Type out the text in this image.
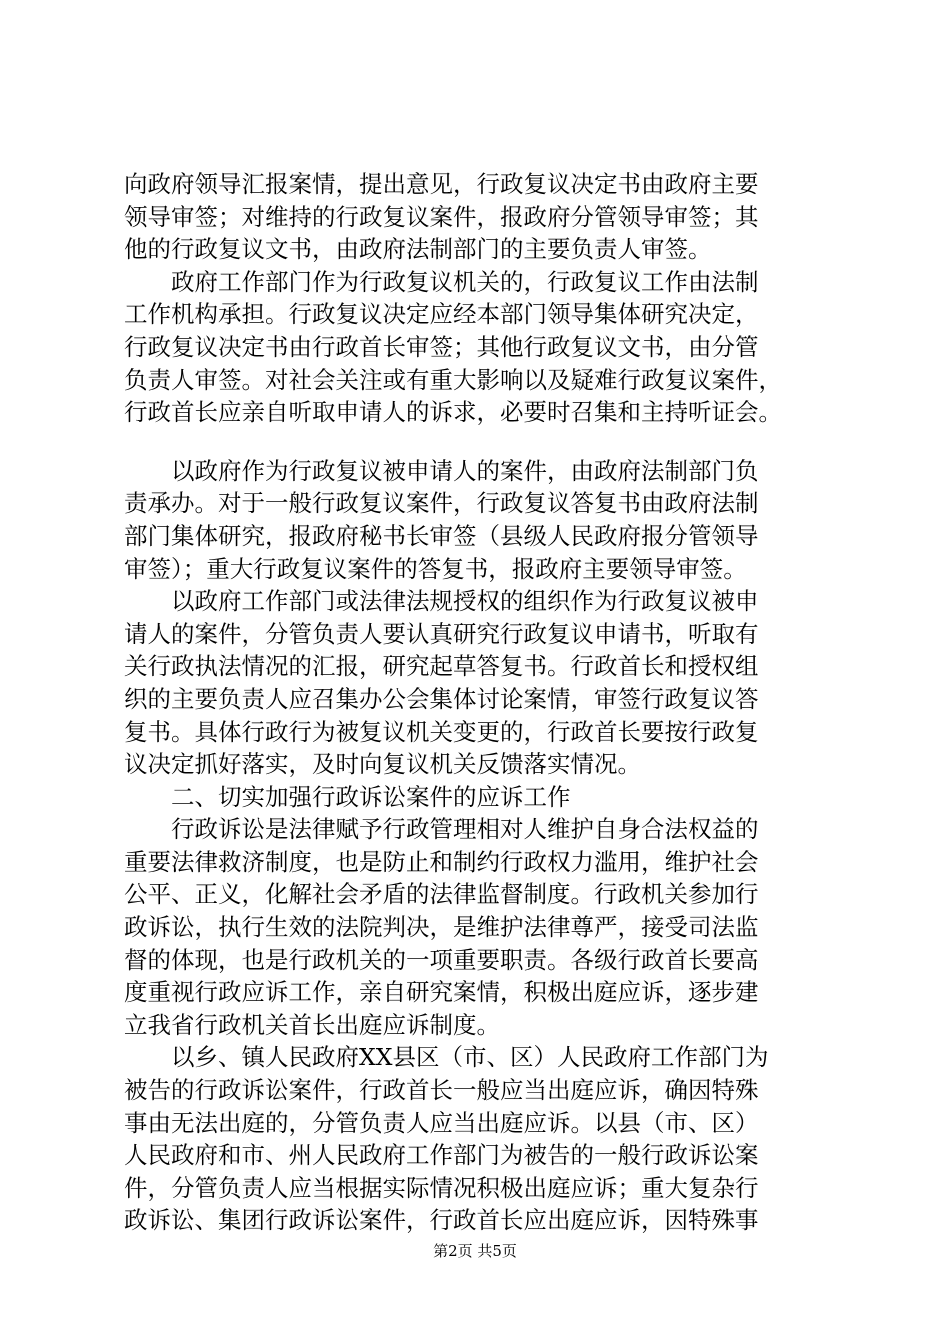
向政府领导汇报案情，提出意见，行政复议决定书由政府主要
领导审签；对维持的行政复议案件，报政府分管领导审签；其
他的行政复议文书，由政府法制部门的主要负责人审签。
　　政府工作部门作为行政复议机关的，行政复议工作由法制
工作机构承担。行政复议决定应经本部门领导集体研究决定，
行政复议决定书由行政首长审签；其他行政复议文书，由分管
负责人审签。对社会关注或有重大影响以及疑难行政复议案件，
行政首长应亲自听取申请人的诉求，必要时召集和主持听证会。
　　以政府作为行政复议被申请人的案件，由政府法制部门负
责承办。对于一般行政复议案件，行政复议答复书由政府法制
部门集体研究，报政府秘书长审签（县级人民政府报分管领导
审签）；重大行政复议案件的答复书，报政府主要领导审签。
　　以政府工作部门或法律法规授权的组织作为行政复议被申
请人的案件，分管负责人要认真研究行政复议申请书，听取有
关行政执法情况的汇报，研究起草答复书。行政首长和授权组
织的主要负责人应召集办公会集体讨论案情，审签行政复议答
复书。具体行政行为被复议机关变更的，行政首长要按行政复
议决定抓好落实，及时向复议机关反馈落实情况。
　　二、切实加强行政诉讼案件的应诉工作
　　行政诉讼是法律赋予行政管理相对人维护自身合法权益的
重要法律救济制度，也是防止和制约行政权力滥用，维护社会
公平、正义，化解社会矛盾的法律监督制度。行政机关参加行
政诉讼，执行生效的法院判决，是维护法律尊严，接受司法监
督的体现，也是行政机关的一项重要职责。各级行政首长要高
度重视行政应诉工作，亲自研究案情，积极出庭应诉，逐步建
立我省行政机关首长出庭应诉制度。
　　以乡、镇人民政府XX县区（市、区）人民政府工作部门为
被告的行政诉讼案件，行政首长一般应当出庭应诉，确因特殊
事由无法出庭的，分管负责人应当出庭应诉。以县（市、区）
人民政府和市、州人民政府工作部门为被告的一般行政诉讼案
件，分管负责人应当根据实际情况积极出庭应诉；重大复杂行
政诉讼、集团行政诉讼案件，行政首长应出庭应诉，因特殊事
第2页 共5页
